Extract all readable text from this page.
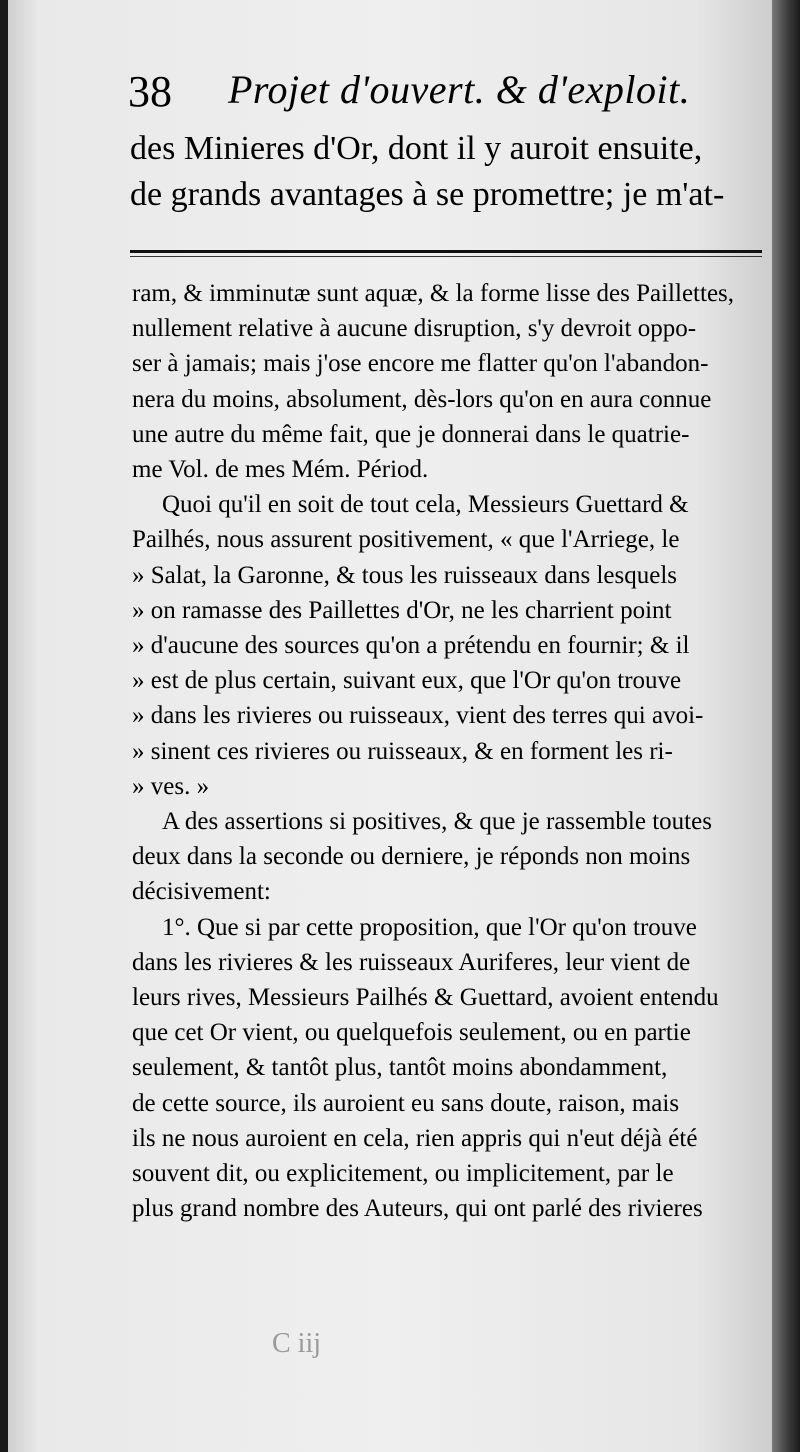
38 Projet d'ouvert. & d'exploit.

des Minieres d'Or, dont il y auroit ensuite,

de grands avantages à se promettre; je m'at-

ram, & imminutæ sunt aquæ, & la forme lisse des Paillettes,

nullement relative à aucune disruption, s'y devroit oppo-

ser à jamais; mais j'ose encore me flatter qu'on l'abandon-

nera du moins, absolument, dès-lors qu'on en aura connue

une autre du même fait, que je donnerai dans le quatrie-

me Vol. de mes Mém. Périod.

Quoi qu'il en soit de tout cela, Messieurs Guettard &

Pailhés, nous assurent positivement, « que l'Arriege, le

» Salat, la Garonne, & tous les ruisseaux dans lesquels

» on ramasse des Paillettes d'Or, ne les charrient point

» d'aucune des sources qu'on a prétendu en fournir; & il

» est de plus certain, suivant eux, que l'Or qu'on trouve

» dans les rivieres ou ruisseaux, vient des terres qui avoi-

» sinent ces rivieres ou ruisseaux, & en forment les ri-

» ves. »

A des assertions si positives, & que je rassemble toutes

deux dans la seconde ou derniere, je réponds non moins

décisivement:

1°. Que si par cette proposition, que l'Or qu'on trouve

dans les rivieres & les ruisseaux Auriferes, leur vient de

leurs rives, Messieurs Pailhés & Guettard, avoient entendu

que cet Or vient, ou quelquefois seulement, ou en partie

seulement, & tantôt plus, tantôt moins abondamment,

de cette source, ils auroient eu sans doute, raison, mais

ils ne nous auroient en cela, rien appris qui n'eut déjà été

souvent dit, ou explicitement, ou implicitement, par le

plus grand nombre des Auteurs, qui ont parlé des rivieres

C iij
